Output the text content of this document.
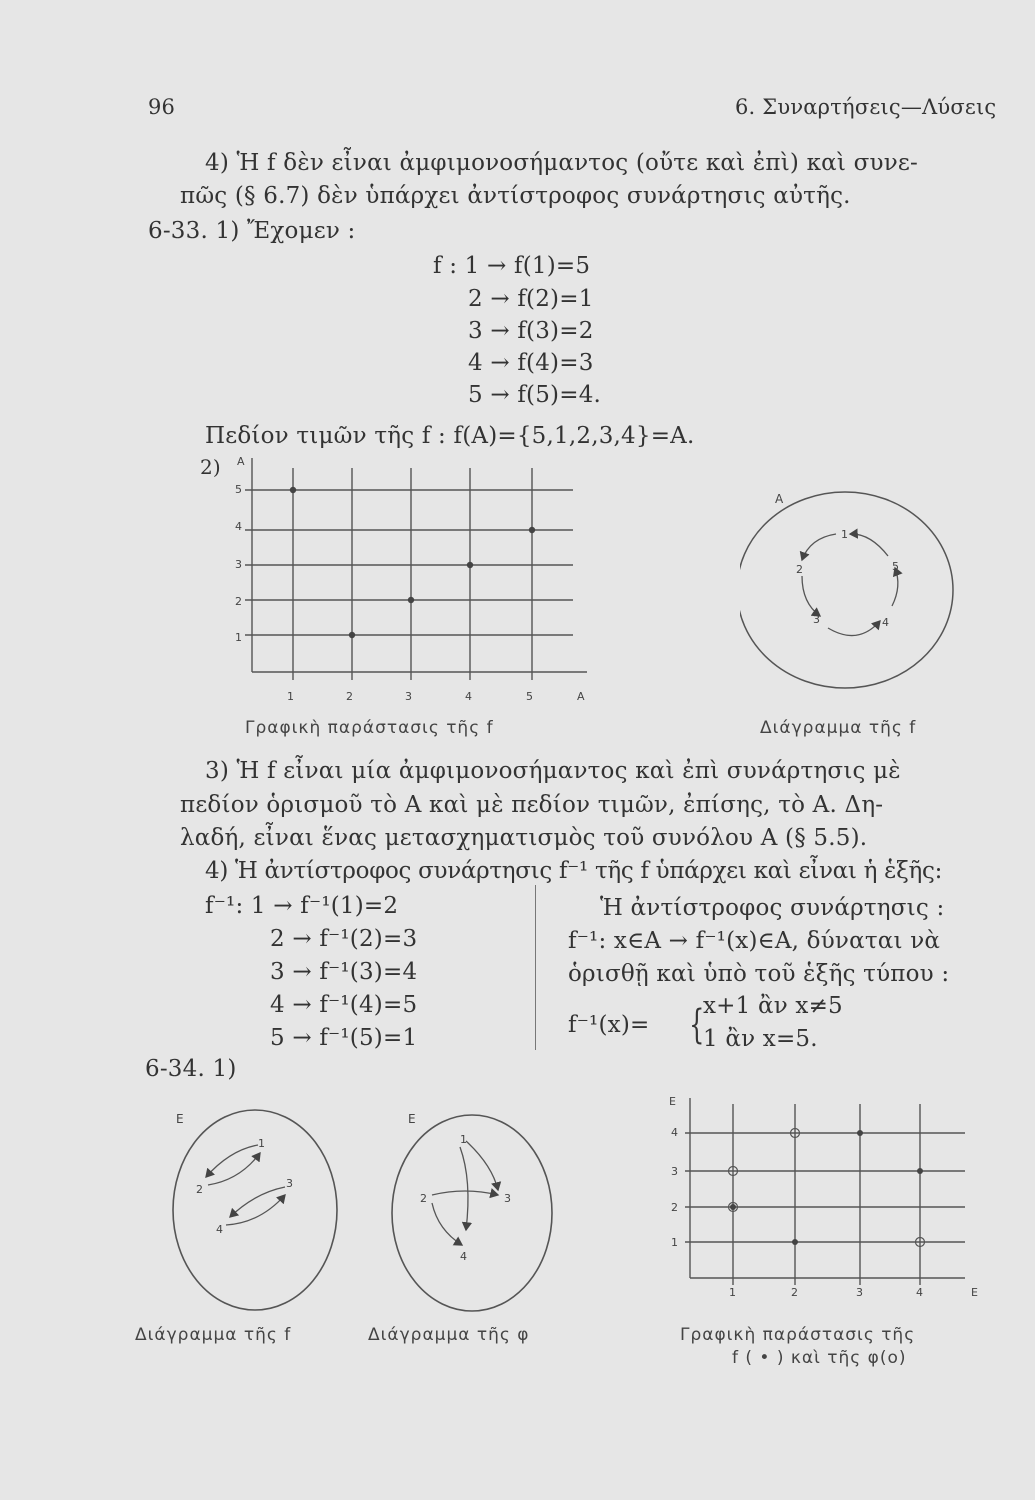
96	6. Συναρτήσεις—Λύσεις
4) Ἡ f δὲν εἶναι ἀμφιμονοσήμαντος (οὔτε καὶ ἐπὶ) καὶ συνε-
πῶς (§ 6.7) δὲν ὑπάρχει ἀντίστροφος συνάρτησις αὐτῆς.
6-33. 1) Ἔχομεν :
f : 1 → f(1)=5
2 → f(2)=1
3 → f(3)=2
4 → f(4)=3
5 → f(5)=4.
Πεδίον τιμῶν τῆς f : f(A)={5,1,2,3,4}=A.
2) A
A
1
2
3
4
5
1	2	3	4	5
Γραφικὴ παράστασις τῆς f
A
1
2
3	4
5
Διάγραμμα τῆς f
3) Ἡ f εἶναι μία ἀμφιμονοσήμαντος καὶ ἐπὶ συνάρτησις μὲ
πεδίον ὁρισμοῦ τὸ A καὶ μὲ πεδίον τιμῶν, ἐπίσης, τὸ A. Δη-
λαδή, εἶναι ἕνας μετασχηματισμὸς τοῦ συνόλου A (§ 5.5).
4) Ἡ ἀντίστροφος συνάρτησις f⁻¹ τῆς f ὑπάρχει καὶ εἶναι ἡ ἑξῆς:
f⁻¹: 1 → f⁻¹(1)=2
2 → f⁻¹(2)=3
3 → f⁻¹(3)=4
4 → f⁻¹(4)=5
5 → f⁻¹(5)=1
Ἡ ἀντίστροφος συνάρτησις :
f⁻¹: x∈A → f⁻¹(x)∈A, δύναται νὰ
ὁρισθῇ καὶ ὑπὸ τοῦ ἑξῆς τύπου :
f⁻¹(x)= {
x+1 ἂν x≠5
1 ἂν x=5.
6-34. 1)
E
1
2	3
4
Διάγραμμα τῆς f
E
1
2	3
4
Διάγραμμα τῆς φ
E
E
1
2
3
4
1	2	3	4
Γραφικὴ παράστασις τῆς
f ( • ) καὶ τῆς φ(ο)
